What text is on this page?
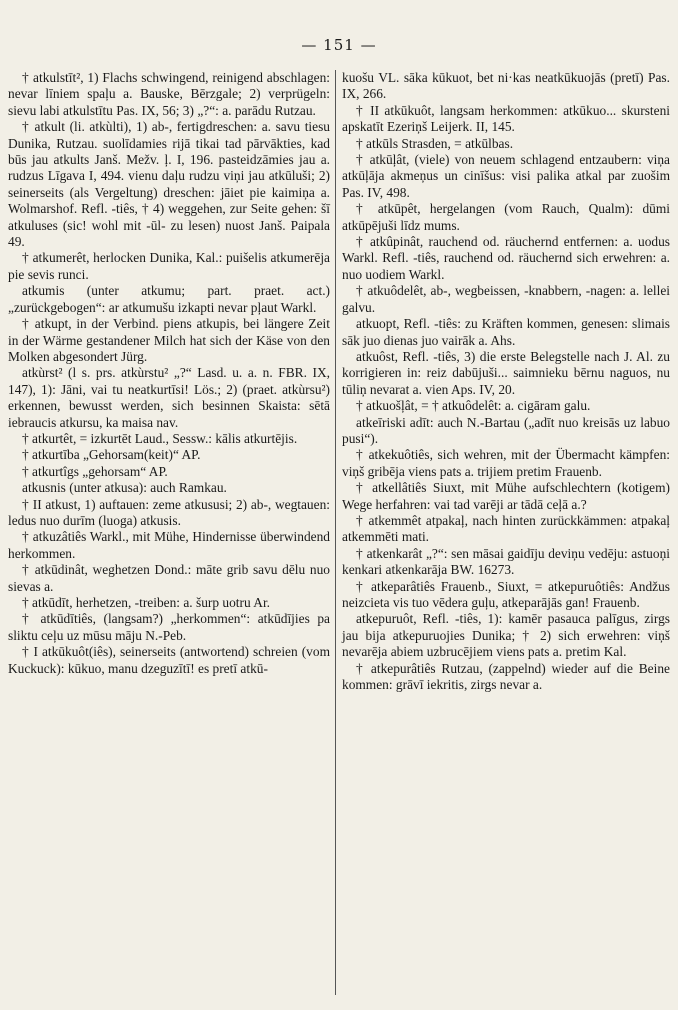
— 151 —

† atkulstīt², 1) Flachs schwingend, reinigend abschlagen: nevar līniem spaļu a. Bauske, Bērzgale; 2) verprügeln: sievu labi atkulstītu Pas. IX, 56; 3) „?“: a. parādu Rutzau.

† atkult (li. atkùlti), 1) ab-, fertigdreschen: a. savu tiesu Dunika, Rutzau. suolīdamies rijā tikai tad pārvākties, kad būs jau atkults Janš. Mežv. ļ. I, 196. pasteidzāmies jau a. rudzus Līgava I, 494. vienu daļu rudzu viņi jau atkūluši; 2) seinerseits (als Vergeltung) dreschen: jāiet pie kaimiņa a. Wolmarshof. Refl. -tiês, † 4) weggehen, zur Seite gehen: šī atkuluses (sic! wohl mit -ūl- zu lesen) nuost Janš. Paipala 49.

† atkumerêt, herlocken Dunika, Kal.: puišelis atkumerēja pie sevis runci.

atkumis (unter atkumu; part. praet. act.) „zurückgebogen“: ar atkumušu izkapti nevar pļaut Warkl.

† atkupt, in der Verbind. piens atkupis, bei längere Zeit in der Wärme gestandener Milch hat sich der Käse von den Molken abgesondert Jürg.

atkùrst² (l s. prs. atkùrstu² „?“ Lasd. u. a. n. FBR. IX, 147), 1): Jāni, vai tu neatkurtīsi! Lös.; 2) (praet. atkùrsu²) erkennen, bewusst werden, sich besinnen Skaista: sētā iebraucis atkursu, ka maisa nav.

† atkurtêt, = izkurtēt Laud., Sessw.: kālis atkurtējis.

† atkurtība „Gehorsam(keit)“ AP.

† atkurtîgs „gehorsam“ AP.

atkusnis (unter atkusa): auch Ramkau.

† II atkust, 1) auftauen: zeme atkususi; 2) ab-, wegtauen: ledus nuo durīm (luoga) atkusis.

† atkuzâtiês Warkl., mit Mühe, Hindernisse überwindend herkommen.

† atkūdinât, weghetzen Dond.: māte grib savu dēlu nuo sievas a.

† atkūdīt, herhetzen, -treiben: a. šurp uotru Ar.

† atkūdītiês, (langsam?) „herkommen“: atkūdījies pa sliktu ceļu uz mūsu māju N.-Peb.

† I atkūkuôt(iês), seinerseits (antwortend) schreien (vom Kuckuck): kūkuo, manu dzeguzītī! es pretī atkū-

kuošu VL. sāka kūkuot, bet ni·kas neatkūkuojās (pretī) Pas. IX, 266.

† II atkūkuôt, langsam herkommen: atkūkuo... skursteni apskatīt Ezeriņš Leijerk. II, 145.

† atkūls Strasden, = atkūlbas.

† atkūļât, (viele) von neuem schlagend entzaubern: viņa atkūļāja akmeņus un cinīšus: visi palika atkal par zuošim Pas. IV, 498.

† atkūpêt, hergelangen (vom Rauch, Qualm): dūmi atkūpējuši līdz mums.

† atkûpinât, rauchend od. räuchernd entfernen: a. uodus Warkl. Refl. -tiês, rauchend od. räuchernd sich erwehren: a. nuo uodiem Warkl.

† atkuôdelêt, ab-, wegbeissen, -knabbern, -nagen: a. lellei galvu.

atkuopt, Refl. -tiês: zu Kräften kommen, genesen: slimais sāk juo dienas juo vairāk a. Ahs.

atkuôst, Refl. -tiês, 3) die erste Belegstelle nach J. Al. zu korrigieren in: reiz dabūjuši... saimnieku bērnu naguos, nu tūliņ nevarat a. vien Aps. IV, 20.

† atkuošļât, = † atkuôdelêt: a. cigāram galu.

atkeīriski adīt: auch N.-Bartau („adīt nuo kreisās uz labuo pusi“).

† atkekuôtiês, sich wehren, mit der Übermacht kämpfen: viņš gribēja viens pats a. trijiem pretim Frauenb.

† atkellâtiês Siuxt, mit Mühe aufschlechtern (kotigem) Wege herfahren: vai tad varēji ar tādā ceļā a.?

† atkemmêt atpakaļ, nach hinten zurückkämmen: atpakaļ atkemmēti mati.

† atkenkarât „?“: sen māsai gaidīju deviņu vedēju: astuoņi kenkari atkenkarāja BW. 16273.

† atkeparâtiês Frauenb., Siuxt, = atkepuruôtiês: Andžus neizcieta vis tuo vēdera guļu, atkeparājās gan! Frauenb.

atkepuruôt, Refl. -tiês, 1): kamēr pasauca palīgus, zirgs jau bija atkepuruojies Dunika; † 2) sich erwehren: viņš nevarēja abiem uzbrucējiem viens pats a. pretim Kal.

† atkepurâtiês Rutzau, (zappelnd) wieder auf die Beine kommen: grāvī iekritis, zirgs nevar a.
